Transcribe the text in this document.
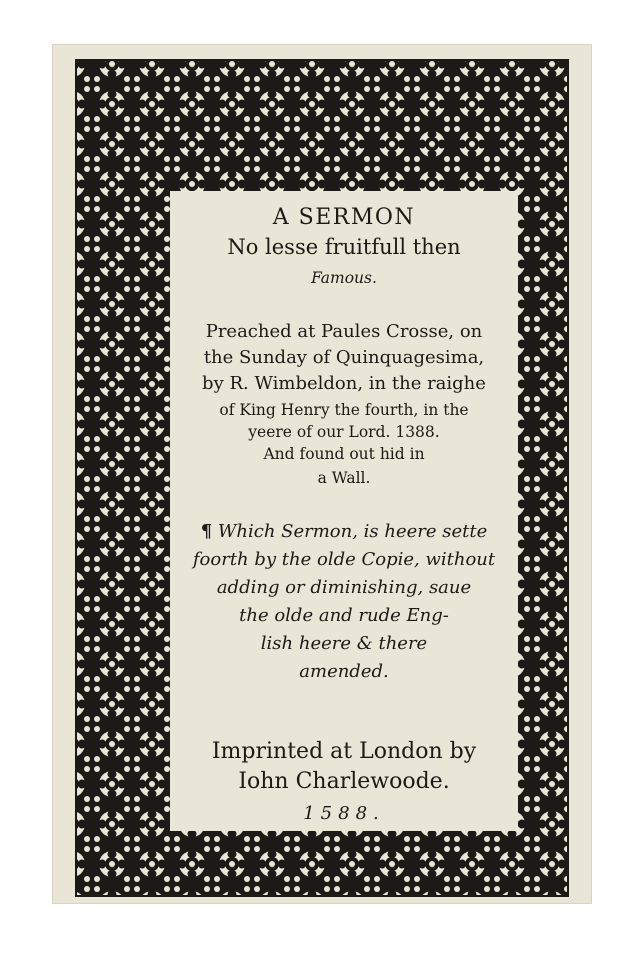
A SERMON
No lesse fruitfull then
Famous.
Preached at Paules Crosse, on
the Sunday of Quinquagesima,
by R. Wimbeldon, in the raighe
of King Henry the fourth, in the
yeere of our Lord. 1388.
And found out hid in
a Wall.
¶ Which Sermon, is heere sette
foorth by the olde Copie, without
adding or diminishing, saue
the olde and rude Eng-
lish heere & there
amended.
Imprinted at London by
Iohn Charlewoode.
1588.
